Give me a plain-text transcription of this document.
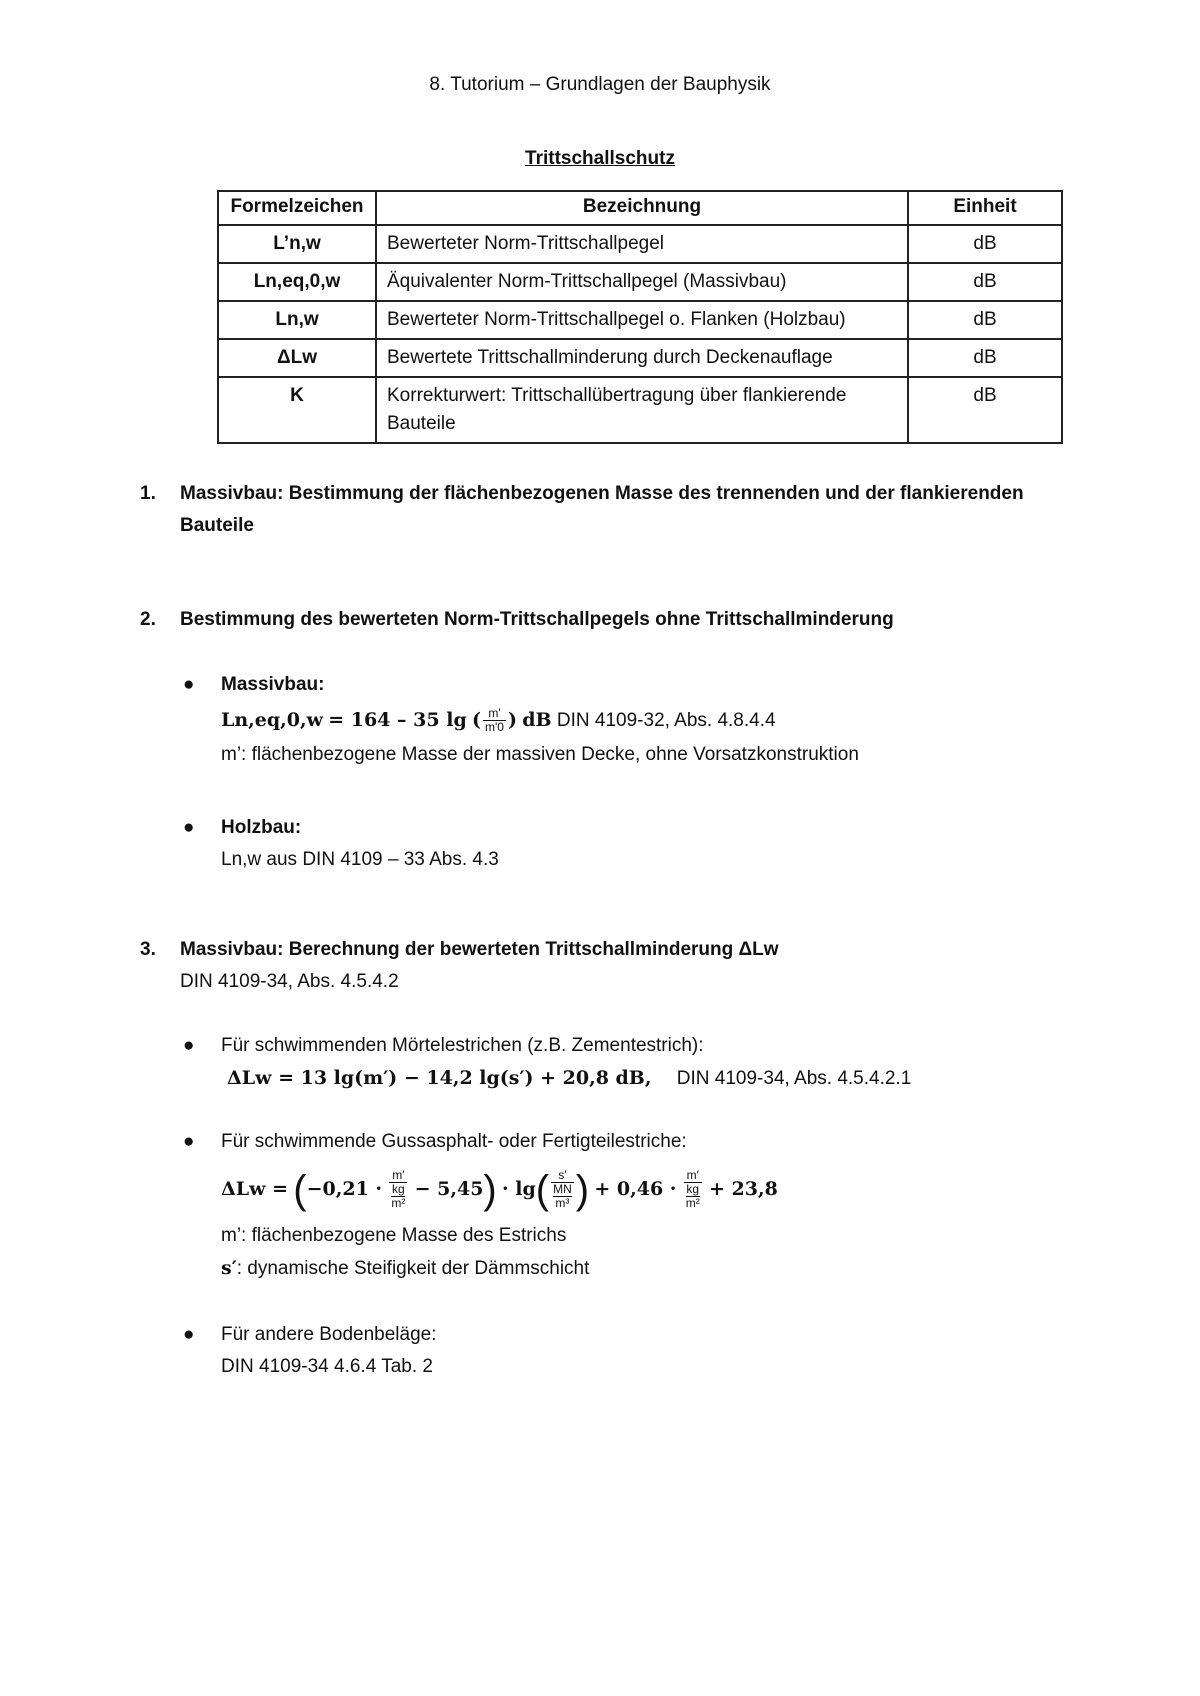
8. Tutorium – Grundlagen der Bauphysik
Trittschallschutz
Formelzeichen	Bezeichnung	Einheit
L’n,w	Bewerteter Norm-Trittschallpegel	dB
Ln,eq,0,w	Äquivalenter Norm-Trittschallpegel (Massivbau)	dB
Ln,w	Bewerteter Norm-Trittschallpegel o. Flanken (Holzbau)	dB
ΔLw	Bewertete Trittschallminderung durch Deckenauflage	dB
K	Korrekturwert: Trittschallübertragung über flankierende Bauteile	dB
1. Massivbau: Bestimmung der flächenbezogenen Masse des trennenden und der flankierenden Bauteile
2. Bestimmung des bewerteten Norm-Trittschallpegels ohne Trittschallminderung
● Massivbau:
Ln,eq,0,w = 164 – 35 lg ( $\frac{m'}{m'0}$ ) dB DIN 4109-32, Abs. 4.8.4.4
m’: flächenbezogene Masse der massiven Decke, ohne Vorsatzkonstruktion
● Holzbau:
Ln,w aus DIN 4109 – 33 Abs. 4.3
3. Massivbau: Berechnung der bewerteten Trittschallminderung ΔLw
DIN 4109-34, Abs. 4.5.4.2
● Für schwimmenden Mörtelestrichen (z.B. Zementestrich):
ΔLw = 13 lg(m′) − 14,2 lg(s′) + 20,8 dB, DIN 4109-34, Abs. 4.5.4.2.1
● Für schwimmende Gussasphalt- oder Fertigteilestriche:
ΔLw = (−0,21 · m′
kg
m² − 5,45) · lg( s′
MN
m³ ) + 0,46 · m′
kg
m² + 23,8
m’: flächenbezogene Masse des Estrichs
s′: dynamische Steifigkeit der Dämmschicht
● Für andere Bodenbeläge:
DIN 4109-34 4.6.4 Tab. 2
